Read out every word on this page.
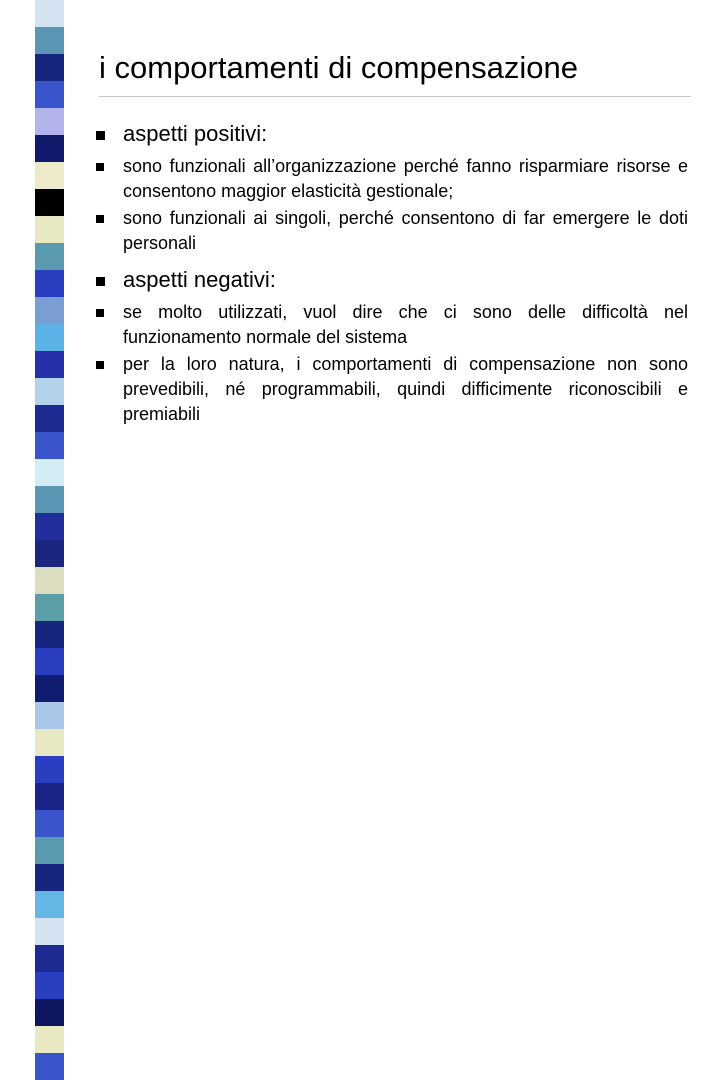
i comportamenti di compensazione
aspetti positivi:
sono funzionali all’organizzazione perché fanno risparmiare risorse e consentono maggior elasticità gestionale;
sono funzionali ai singoli, perché consentono di far emergere le doti personali
aspetti negativi:
se molto utilizzati, vuol dire che ci sono delle difficoltà nel funzionamento normale del sistema
per la loro natura, i comportamenti di compensazione non sono prevedibili, né programmabili, quindi difficimente riconoscibili e premiabili
